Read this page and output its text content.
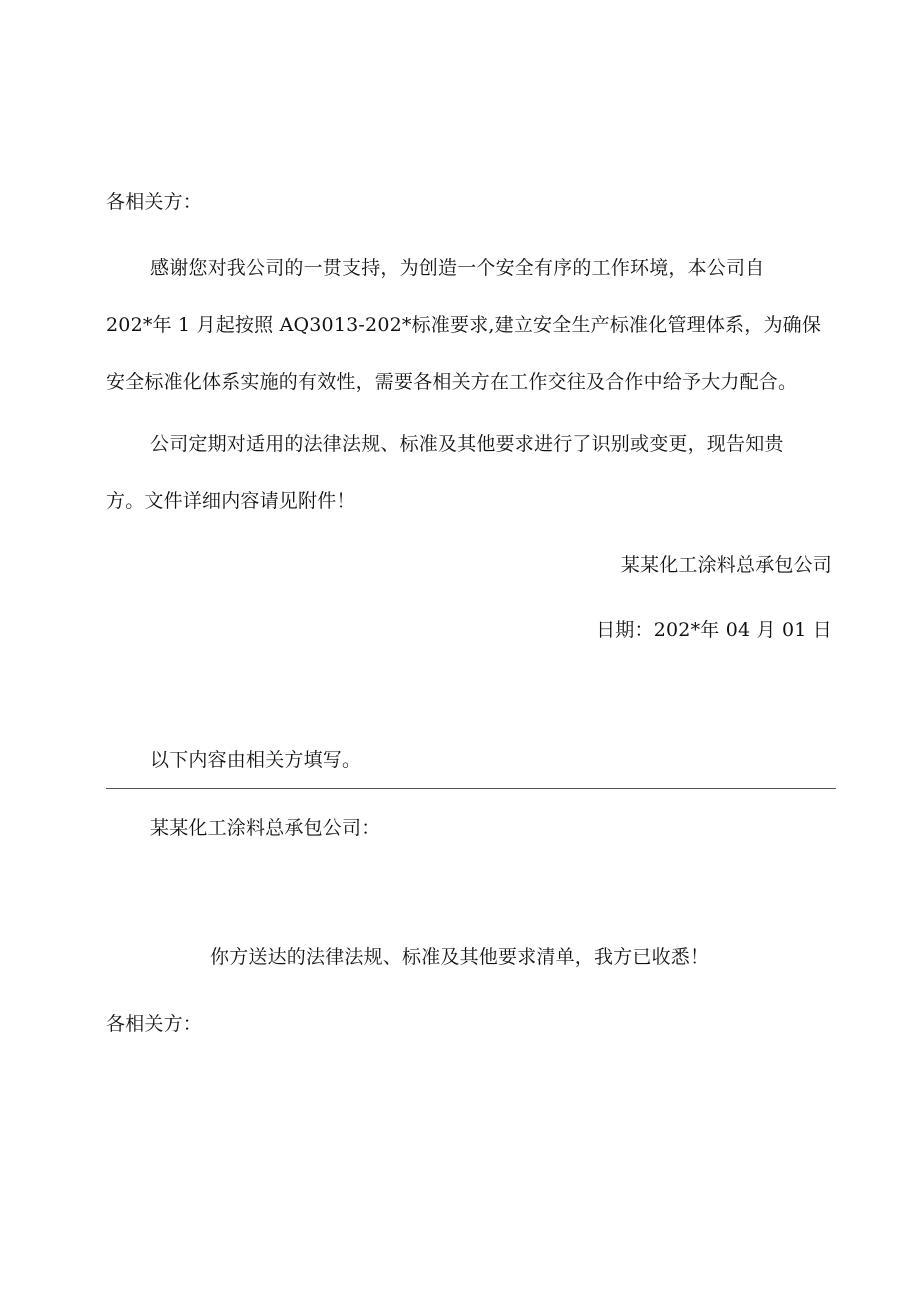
各相关方：
感谢您对我公司的一贯支持，为创造一个安全有序的工作环境，本公司自
202*年 1 月起按照 AQ3013-202*标准要求,建立安全生产标准化管理体系，为确保
安全标准化体系实施的有效性，需要各相关方在工作交往及合作中给予大力配合。
公司定期对适用的法律法规、标准及其他要求进行了识别或变更，现告知贵
方。文件详细内容请见附件！
某某化工涂料总承包公司
日期：202*年 04 月 01 日
以下内容由相关方填写。
某某化工涂料总承包公司：
你方送达的法律法规、标准及其他要求清单，我方已收悉！
各相关方：
